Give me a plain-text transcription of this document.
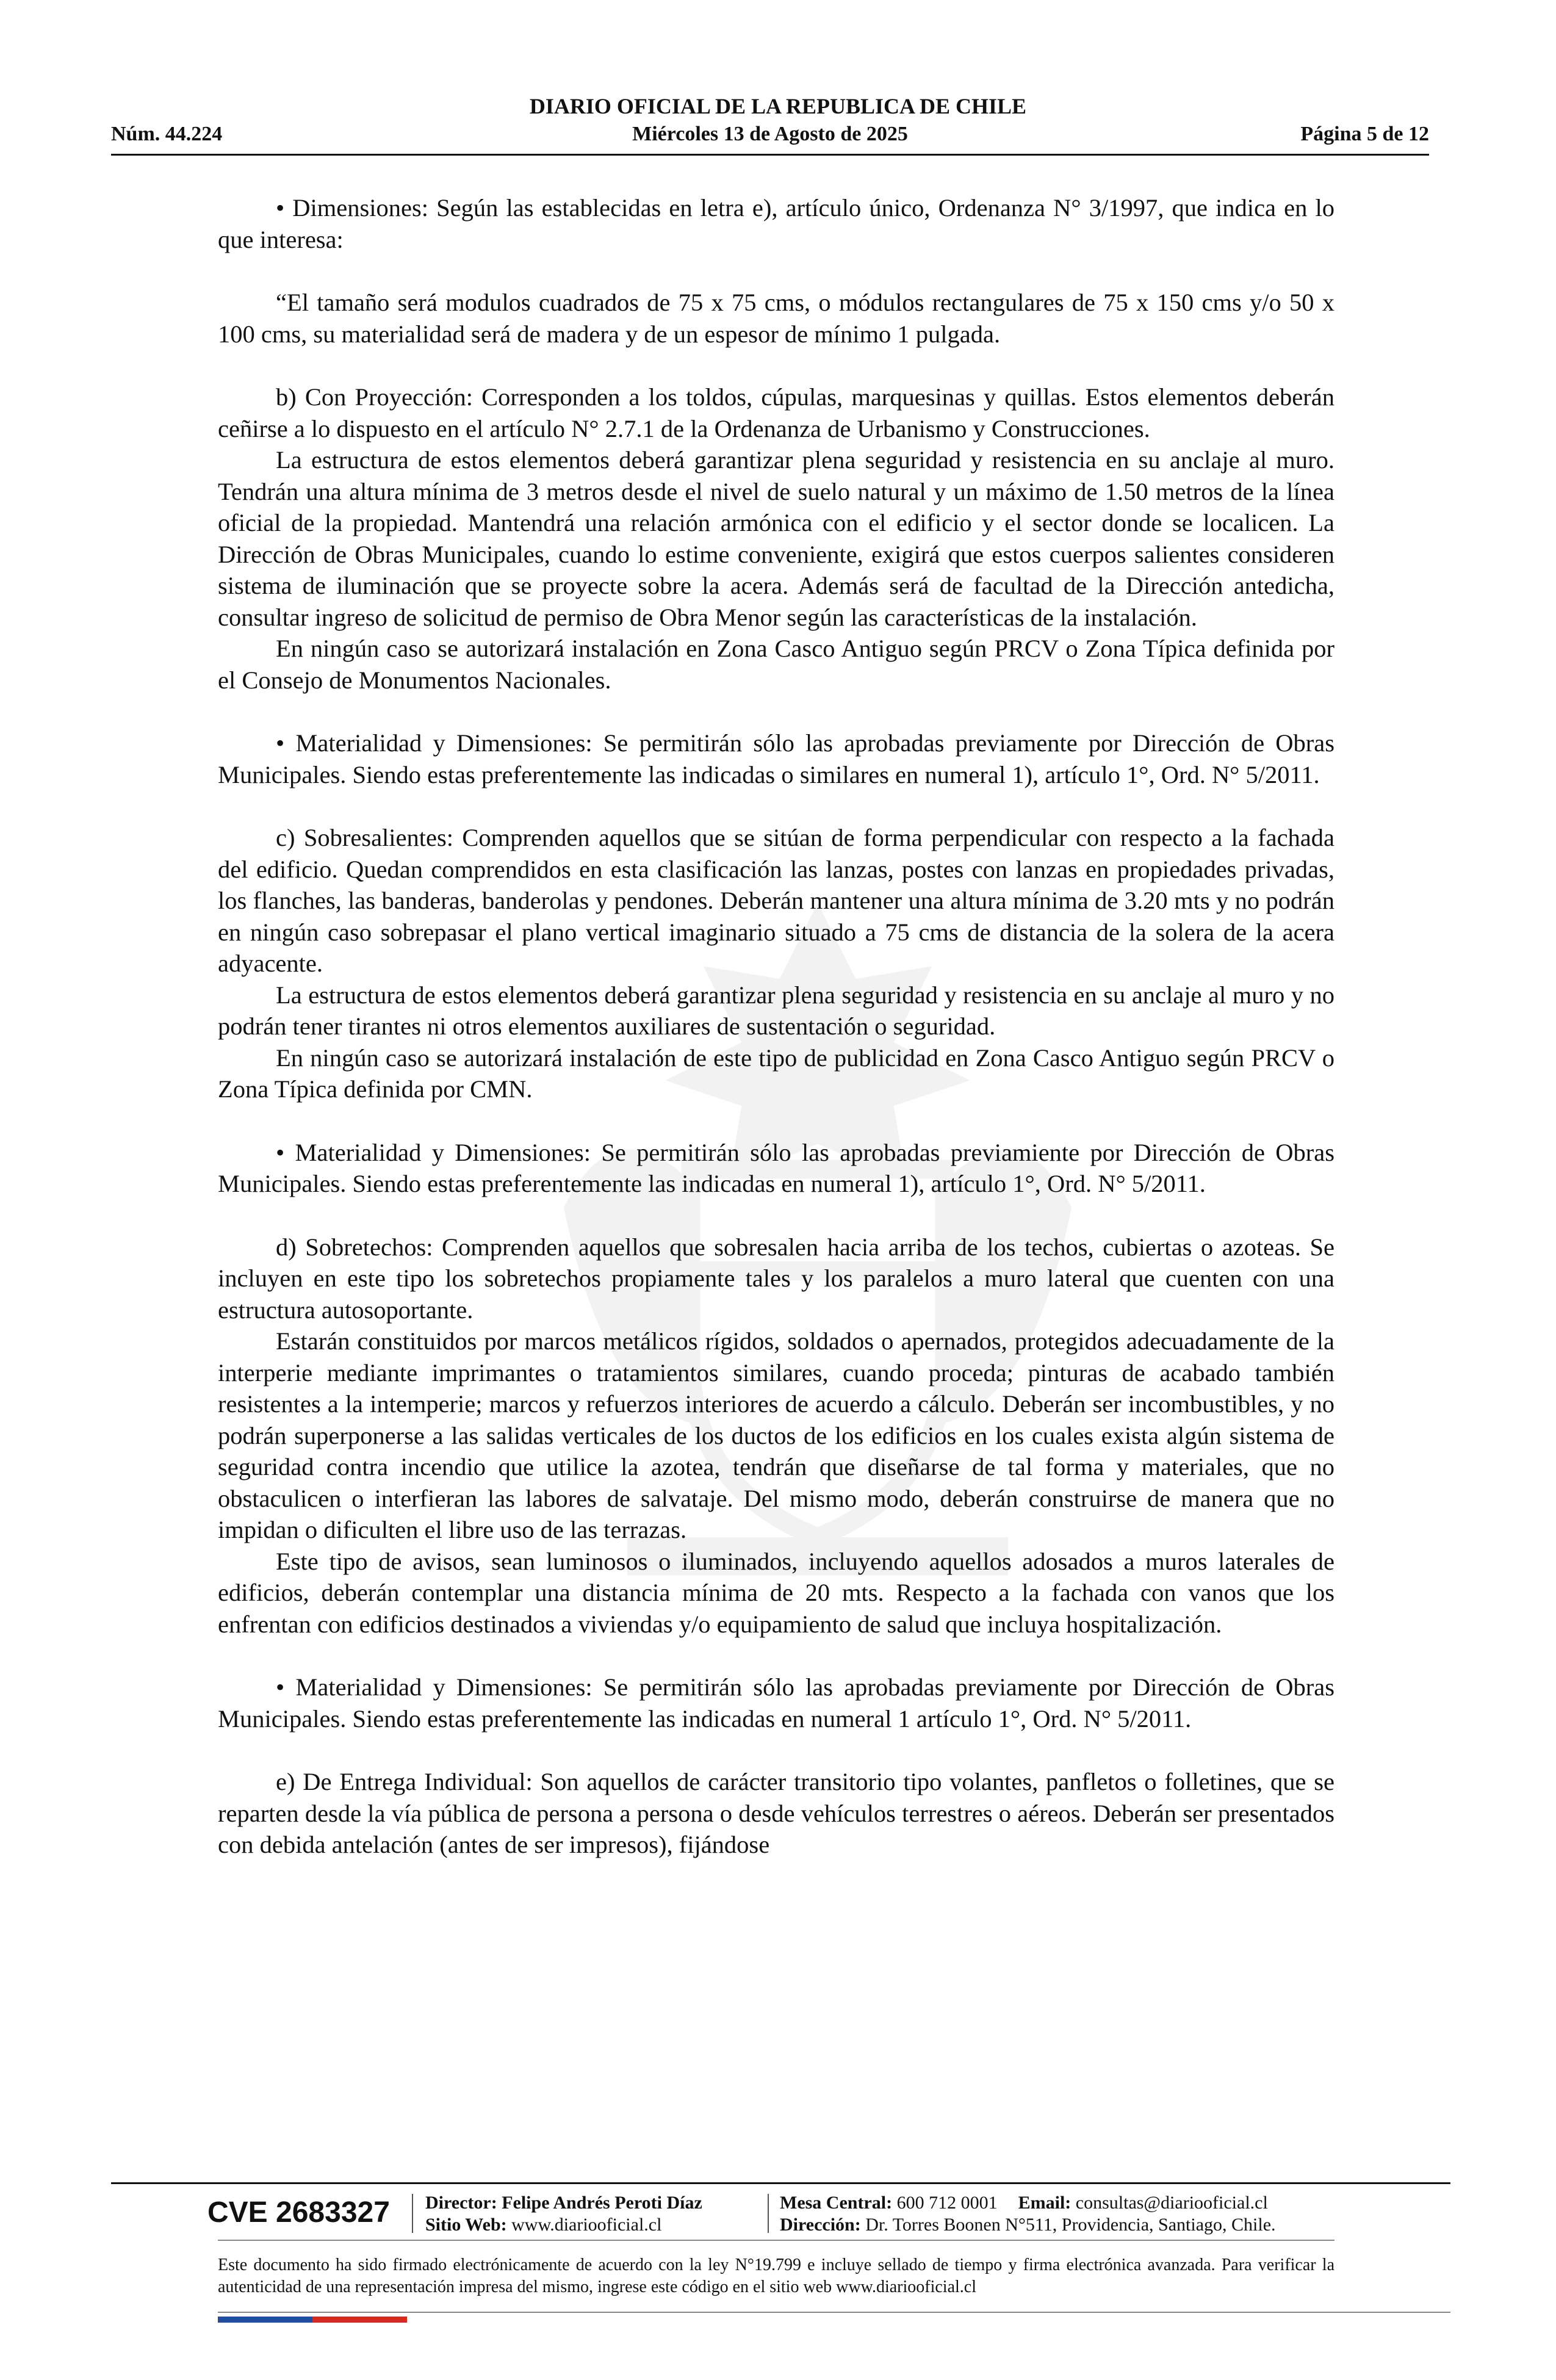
DIARIO OFICIAL DE LA REPUBLICA DE CHILE
Miércoles 13 de Agosto de 2025
Núm. 44.224	Página 5 de 12

• Dimensiones: Según las establecidas en letra e), artículo único, Ordenanza N° 3/1997, que indica en lo que interesa:

“El tamaño será modulos cuadrados de 75 x 75 cms, o módulos rectangulares de 75 x 150 cms y/o 50 x 100 cms, su materialidad será de madera y de un espesor de mínimo 1 pulgada.

b) Con Proyección: Corresponden a los toldos, cúpulas, marquesinas y quillas. Estos elementos deberán ceñirse a lo dispuesto en el artículo N° 2.7.1 de la Ordenanza de Urbanismo y Construcciones.

La estructura de estos elementos deberá garantizar plena seguridad y resistencia en su anclaje al muro. Tendrán una altura mínima de 3 metros desde el nivel de suelo natural y un máximo de 1.50 metros de la línea oficial de la propiedad. Mantendrá una relación armónica con el edificio y el sector donde se localicen. La Dirección de Obras Municipales, cuando lo estime conveniente, exigirá que estos cuerpos salientes consideren sistema de iluminación que se proyecte sobre la acera. Además será de facultad de la Dirección antedicha, consultar ingreso de solicitud de permiso de Obra Menor según las características de la instalación.

En ningún caso se autorizará instalación en Zona Casco Antiguo según PRCV o Zona Típica definida por el Consejo de Monumentos Nacionales.

• Materialidad y Dimensiones: Se permitirán sólo las aprobadas previamente por Dirección de Obras Municipales. Siendo estas preferentemente las indicadas o similares en numeral 1), artículo 1°, Ord. N° 5/2011.

c) Sobresalientes: Comprenden aquellos que se sitúan de forma perpendicular con respecto a la fachada del edificio. Quedan comprendidos en esta clasificación las lanzas, postes con lanzas en propiedades privadas, los flanches, las banderas, banderolas y pendones. Deberán mantener una altura mínima de 3.20 mts y no podrán en ningún caso sobrepasar el plano vertical imaginario situado a 75 cms de distancia de la solera de la acera adyacente.

La estructura de estos elementos deberá garantizar plena seguridad y resistencia en su anclaje al muro y no podrán tener tirantes ni otros elementos auxiliares de sustentación o seguridad.

En ningún caso se autorizará instalación de este tipo de publicidad en Zona Casco Antiguo según PRCV o Zona Típica definida por CMN.

• Materialidad y Dimensiones: Se permitirán sólo las aprobadas previamiente por Dirección de Obras Municipales. Siendo estas preferentemente las indicadas en numeral 1), artículo 1°, Ord. N° 5/2011.

d) Sobretechos: Comprenden aquellos que sobresalen hacia arriba de los techos, cubiertas o azoteas. Se incluyen en este tipo los sobretechos propiamente tales y los paralelos a muro lateral que cuenten con una estructura autosoportante.

Estarán constituidos por marcos metálicos rígidos, soldados o apernados, protegidos adecuadamente de la interperie mediante imprimantes o tratamientos similares, cuando proceda; pinturas de acabado también resistentes a la intemperie; marcos y refuerzos interiores de acuerdo a cálculo. Deberán ser incombustibles, y no podrán superponerse a las salidas verticales de los ductos de los edificios en los cuales exista algún sistema de seguridad contra incendio que utilice la azotea, tendrán que diseñarse de tal forma y materiales, que no obstaculicen o interfieran las labores de salvataje. Del mismo modo, deberán construirse de manera que no impidan o dificulten el libre uso de las terrazas.

Este tipo de avisos, sean luminosos o iluminados, incluyendo aquellos adosados a muros laterales de edificios, deberán contemplar una distancia mínima de 20 mts. Respecto a la fachada con vanos que los enfrentan con edificios destinados a viviendas y/o equipamiento de salud que incluya hospitalización.

• Materialidad y Dimensiones: Se permitirán sólo las aprobadas previamente por Dirección de Obras Municipales. Siendo estas preferentemente las indicadas en numeral 1 artículo 1°, Ord. N° 5/2011.

e) De Entrega Individual: Son aquellos de carácter transitorio tipo volantes, panfletos o folletines, que se reparten desde la vía pública de persona a persona o desde vehículos terrestres o aéreos. Deberán ser presentados con debida antelación (antes de ser impresos), fijándose

CVE 2683327	Director: Felipe Andrés Peroti Díaz
Sitio Web: www.diariooficial.cl
Mesa Central: 600 712 0001 Email: consultas@diariooficial.cl
Dirección: Dr. Torres Boonen N°511, Providencia, Santiago, Chile.
Este documento ha sido firmado electrónicamente de acuerdo con la ley N°19.799 e incluye sellado de tiempo y firma electrónica avanzada. Para verificar la autenticidad de una representación impresa del mismo, ingrese este código en el sitio web www.diariooficial.cl
